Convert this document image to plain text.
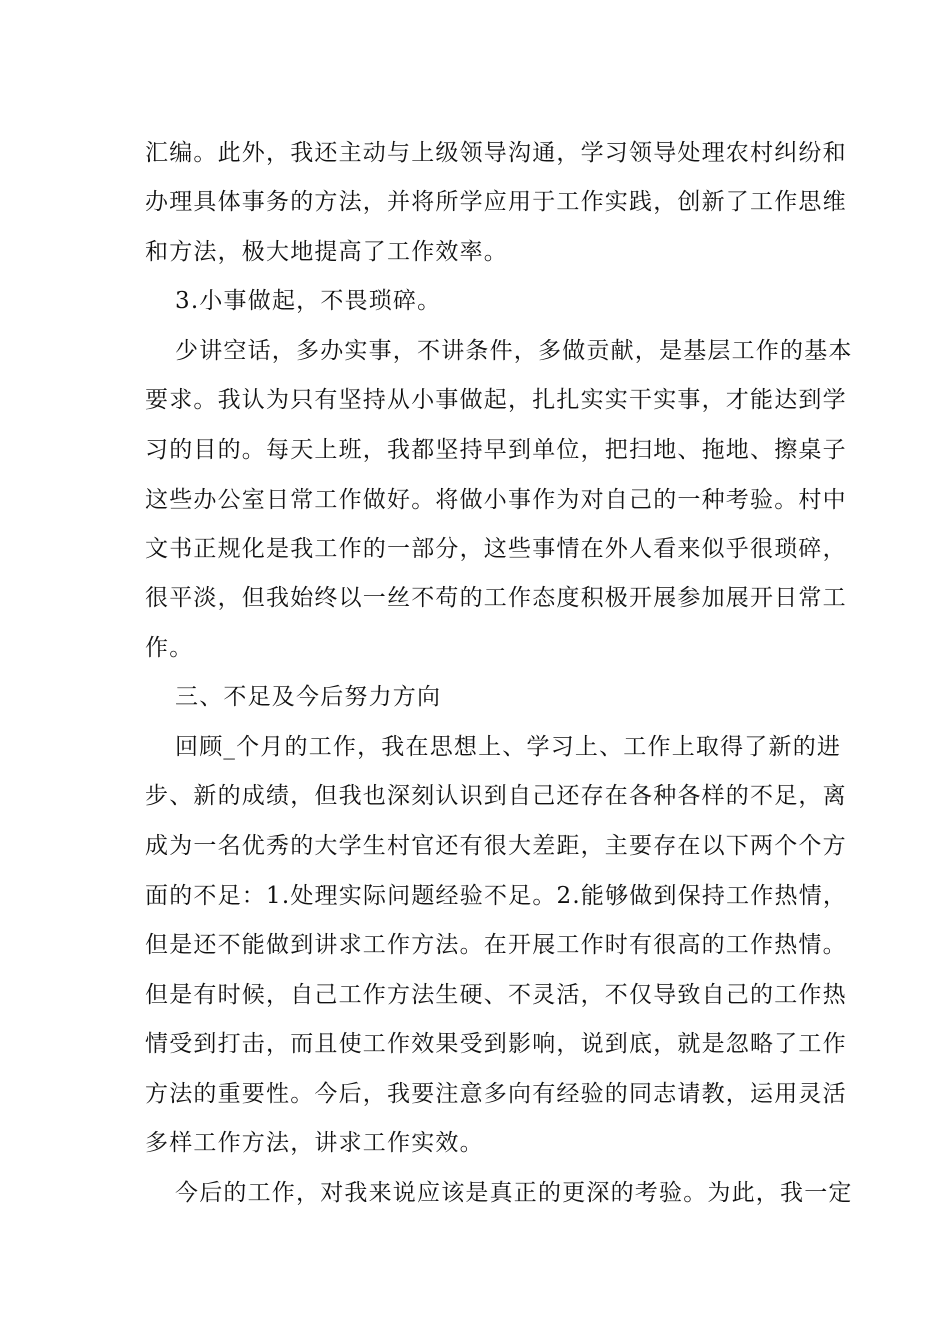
汇编。此外，我还主动与上级领导沟通，学习领导处理农村纠纷和
办理具体事务的方法，并将所学应用于工作实践，创新了工作思维
和方法，极大地提高了工作效率。
3.小事做起，不畏琐碎。
少讲空话，多办实事，不讲条件，多做贡献，是基层工作的基本
要求。我认为只有坚持从小事做起，扎扎实实干实事，才能达到学
习的目的。每天上班，我都坚持早到单位，把扫地、拖地、擦桌子
这些办公室日常工作做好。将做小事作为对自己的一种考验。村中
文书正规化是我工作的一部分，这些事情在外人看来似乎很琐碎，
很平淡，但我始终以一丝不苟的工作态度积极开展参加展开日常工
作。
三、不足及今后努力方向
回顾_个月的工作，我在思想上、学习上、工作上取得了新的进
步、新的成绩，但我也深刻认识到自己还存在各种各样的不足，离
成为一名优秀的大学生村官还有很大差距，主要存在以下两个个方
面的不足：1.处理实际问题经验不足。2.能够做到保持工作热情，
但是还不能做到讲求工作方法。在开展工作时有很高的工作热情。
但是有时候，自己工作方法生硬、不灵活，不仅导致自己的工作热
情受到打击，而且使工作效果受到影响，说到底，就是忽略了工作
方法的重要性。今后，我要注意多向有经验的同志请教，运用灵活
多样工作方法，讲求工作实效。
今后的工作，对我来说应该是真正的更深的考验。为此，我一定
